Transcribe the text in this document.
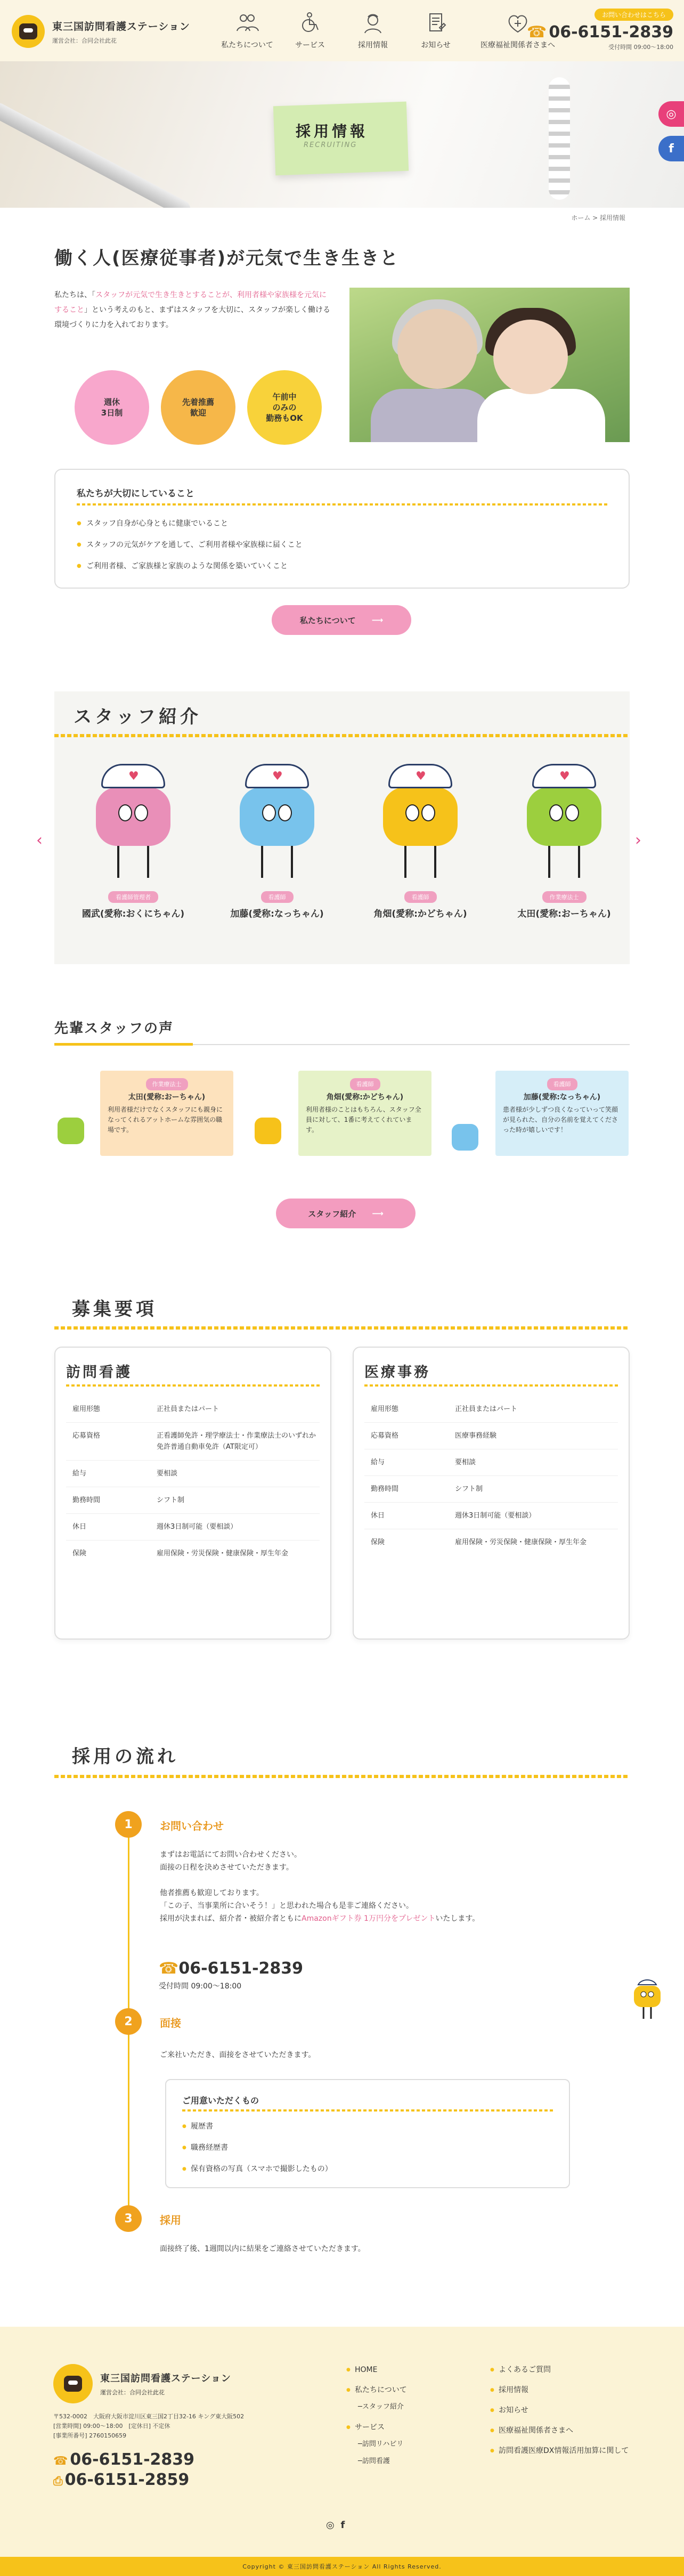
東三国訪問看護ステーション
運営会社：合同会社此花
私たちについて	サービス	採用情報	お知らせ	医療福祉関係者さまへ
お問い合わせはこちら
☎ 06-6151-2839
受付時間 09:00～18:00
採用情報
RECRUITING
◎
f
ホーム > 採用情報
働く人(医療従事者)が元気で生き生きと
私たちは、「スタッフが元気で生き生きとすることが、利用者様や家族様を元気にすること」という考えのもと、まずはスタッフを大切に、スタッフが楽しく働ける環境づくりに力を入れております。
週休
3日制
先着推薦
歓迎
午前中
のみの
勤務もOK
私たちが大切にしていること
● スタッフ自身が心身ともに健康でいること
● スタッフの元気がケアを通して、ご利用者様や家族様に届くこと
● ご利用者様、ご家族様と家族のような関係を築いていくこと
私たちについて ⟶
スタッフ紹介
‹	›
♥
看護師管理者
國武(愛称:おくにちゃん)
♥
看護師
加藤(愛称:なっちゃん)
♥
看護師
角畑(愛称:かどちゃん)
♥
作業療法士
太田(愛称:おーちゃん)
先輩スタッフの声
作業療法士
太田(愛称:おーちゃん)
利用者様だけでなくスタッフにも親身になってくれるアットホームな雰囲気の職場です。
看護師
角畑(愛称:かどちゃん)
利用者様のことはもちろん、スタッフ全員に対して、1番に考えてくれています。
看護師
加藤(愛称:なっちゃん)
患者様が少しずつ良くなっていって笑顔が見られた、自分の名前を覚えてくださった時が嬉しいです！
スタッフ紹介 ⟶
募集要項
訪問看護
雇用形態	正社員またはパート
応募資格	正看護師免許・理学療法士・作業療法士のいずれか
免許普通自動車免許（AT限定可）
給与	要相談
勤務時間	シフト制
休日	週休3日制可能（要相談）
保険	雇用保険・労災保険・健康保険・厚生年金
医療事務
雇用形態	正社員またはパート
応募資格	医療事務経験
給与	要相談
勤務時間	シフト制
休日	週休3日制可能（要相談）
保険	雇用保険・労災保険・健康保険・厚生年金
採用の流れ
1	お問い合わせ
まずはお電話にてお問い合わせください。
面接の日程を決めさせていただきます。
他者推薦も歓迎しております。
「この子、当事業所に合いそう！」と思われた場合も是非ご連絡ください。
採用が決まれば、紹介者・被紹介者ともにAmazonギフト券 1万円分をプレゼントいたします。
☎06-6151-2839
受付時間 09:00～18:00
2	面接
ご来社いただき、面接をさせていただきます。
ご用意いただくもの
● 履歴書
● 職務経歴書
● 保有資格の写真（スマホで撮影したもの）
3	採用
面接終了後、1週間以内に結果をご連絡させていただきます。
東三国訪問看護ステーション
運営会社：合同会社此花
〒532-0002　大阪府大阪市淀川区東三国2丁目32-16 キング東大阪502
[営業時間] 09:00～18:00　[定休日] 不定休
[事業所番号] 2760150659
☎ 06-6151-2839
⎙ 06-6151-2859
● HOME
● 私たちについて
─スタッフ紹介
● サービス
─訪問リハビリ
─訪問看護
● よくあるご質問
● 採用情報
● お知らせ
● 医療福祉関係者さまへ
● 訪問看護医療DX情報活用加算に関して
◎ f
Copyright © 東三国訪問看護ステーション All Rights Reserved.
